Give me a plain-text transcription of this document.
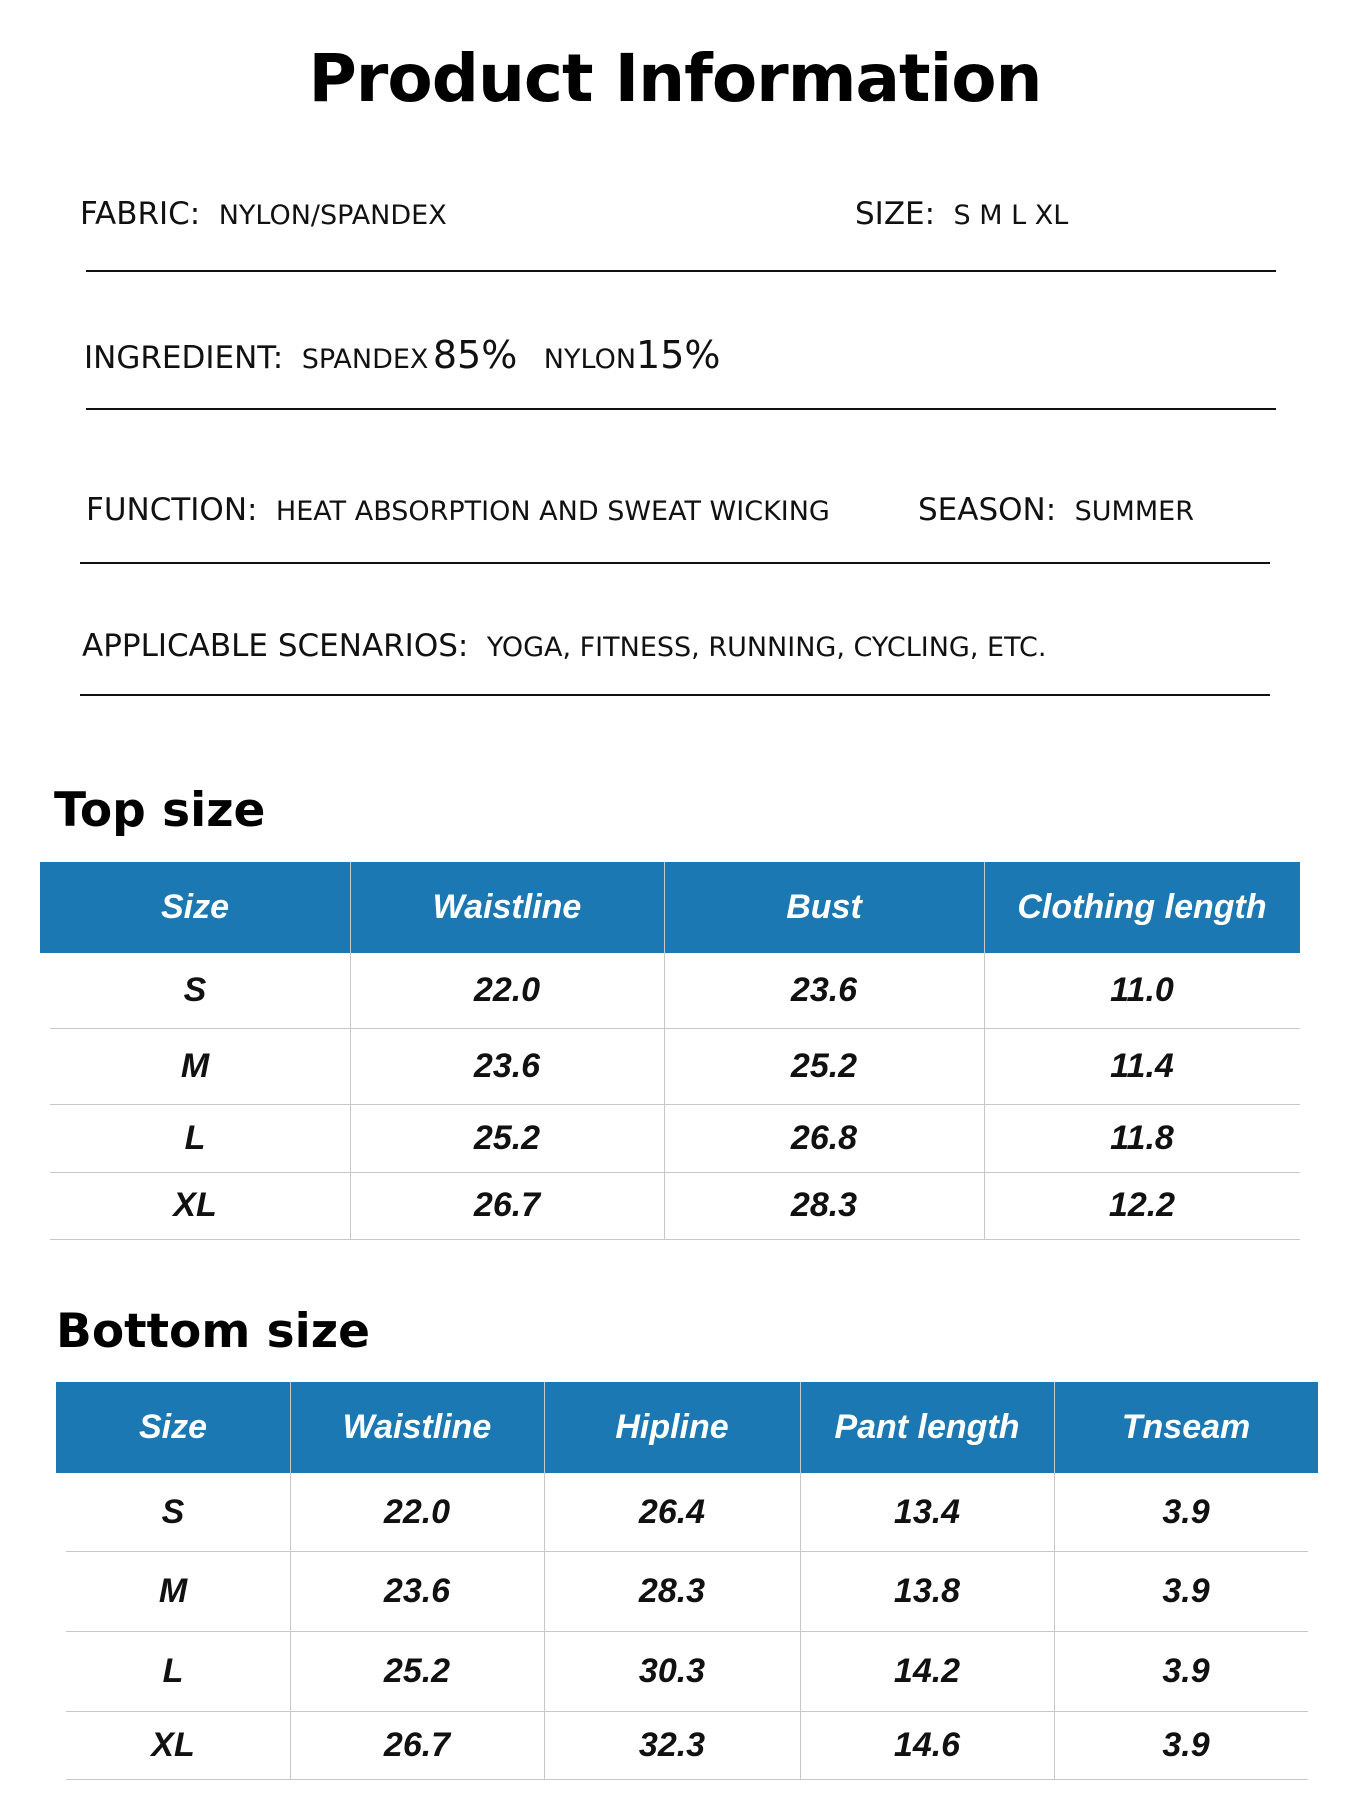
Product Information
FABRIC: NYLON/SPANDEX	SIZE: S M L XL
INGREDIENT: SPANDEX 85% NYLON15%
FUNCTION: HEAT ABSORPTION AND SWEAT WICKING	SEASON: SUMMER
APPLICABLE SCENARIOS: YOGA, FITNESS, RUNNING, CYCLING, ETC.
Top size
Size	Waistline	Bust	Clothing length
S	22.0	23.6	11.0
M	23.6	25.2	11.4
L	25.2	26.8	11.8
XL	26.7	28.3	12.2
Bottom size
Size	Waistline	Hipline	Pant length	Tnseam
S	22.0	26.4	13.4	3.9
M	23.6	28.3	13.8	3.9
L	25.2	30.3	14.2	3.9
XL	26.7	32.3	14.6	3.9
